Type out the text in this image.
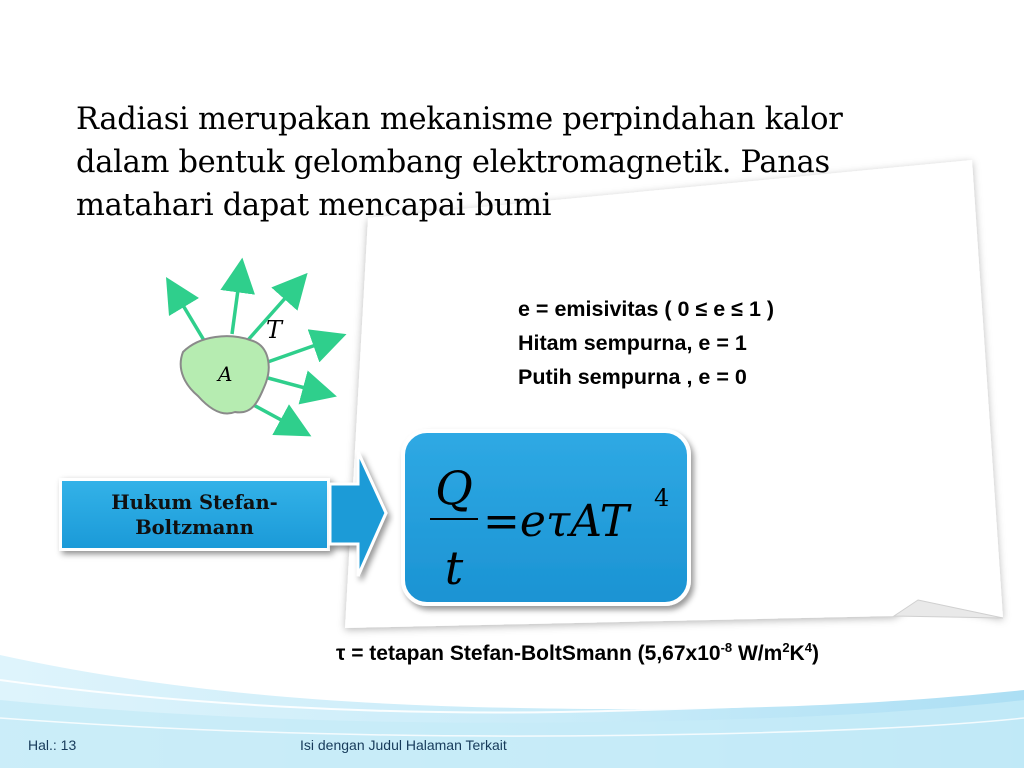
Radiasi merupakan mekanisme perpindahan kalor
dalam bentuk gelombang elektromagnetik. Panas
matahari dapat mencapai bumi
T
A
e = emisivitas ( 0 ≤ e ≤ 1 )
Hitam sempurna, e = 1
Putih sempurna , e = 0
Hukum Stefan-
Boltzmann
Q
t
=eτAT 4
τ = tetapan Stefan-BoltSmann ($5,67x10^{-8}$ $W/m^2K^4$)
Hal.: 13	Isi dengan Judul Halaman Terkait
